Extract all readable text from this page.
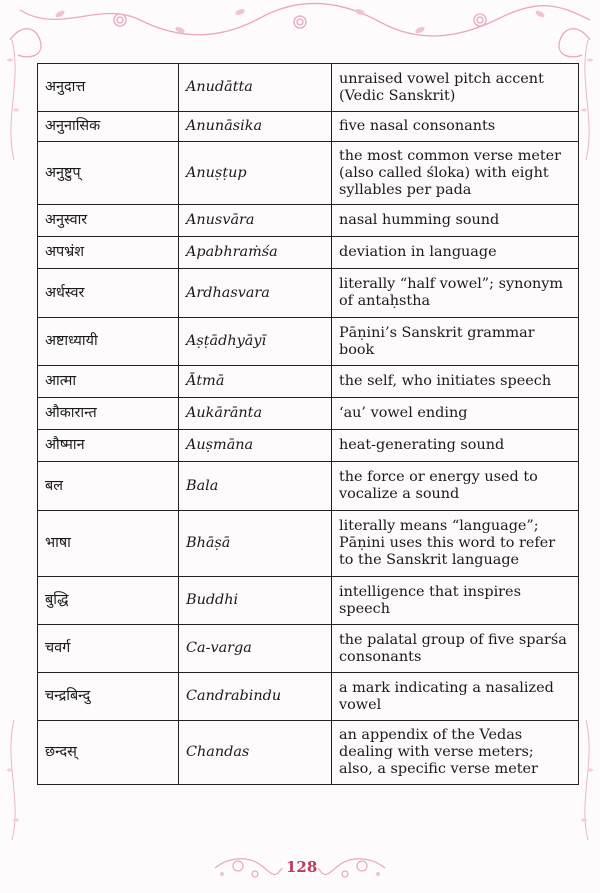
अनुदात्त	Anudātta	unraised vowel pitch accent (Vedic Sanskrit)
अनुनासिक	Anunāsika	five nasal consonants
अनुष्टुप्	Anuṣṭup	the most common verse meter (also called śloka) with eight syllables per pada
अनुस्वार	Anusvāra	nasal humming sound
अपभ्रंश	Apabhraṁśa	deviation in language
अर्धस्वर	Ardhasvara	literally “half vowel”; synonym of antaḥstha
अष्टाध्यायी	Aṣṭādhyāyī	Pāṇini’s Sanskrit grammar book
आत्मा	Ātmā	the self, who initiates speech
औकारान्त	Aukārānta	‘au’ vowel ending
औष्मान	Auṣmāna	heat-generating sound
बल	Bala	the force or energy used to vocalize a sound
भाषा	Bhāṣā	literally means “language”; Pāṇini uses this word to refer to the Sanskrit language
बुद्धि	Buddhi	intelligence that inspires speech
चवर्ग	Ca-varga	the palatal group of five sparśa consonants
चन्द्रबिन्दु	Candrabindu	a mark indicating a nasalized vowel
छन्दस्	Chandas	an appendix of the Vedas dealing with verse meters; also, a specific verse meter
128
